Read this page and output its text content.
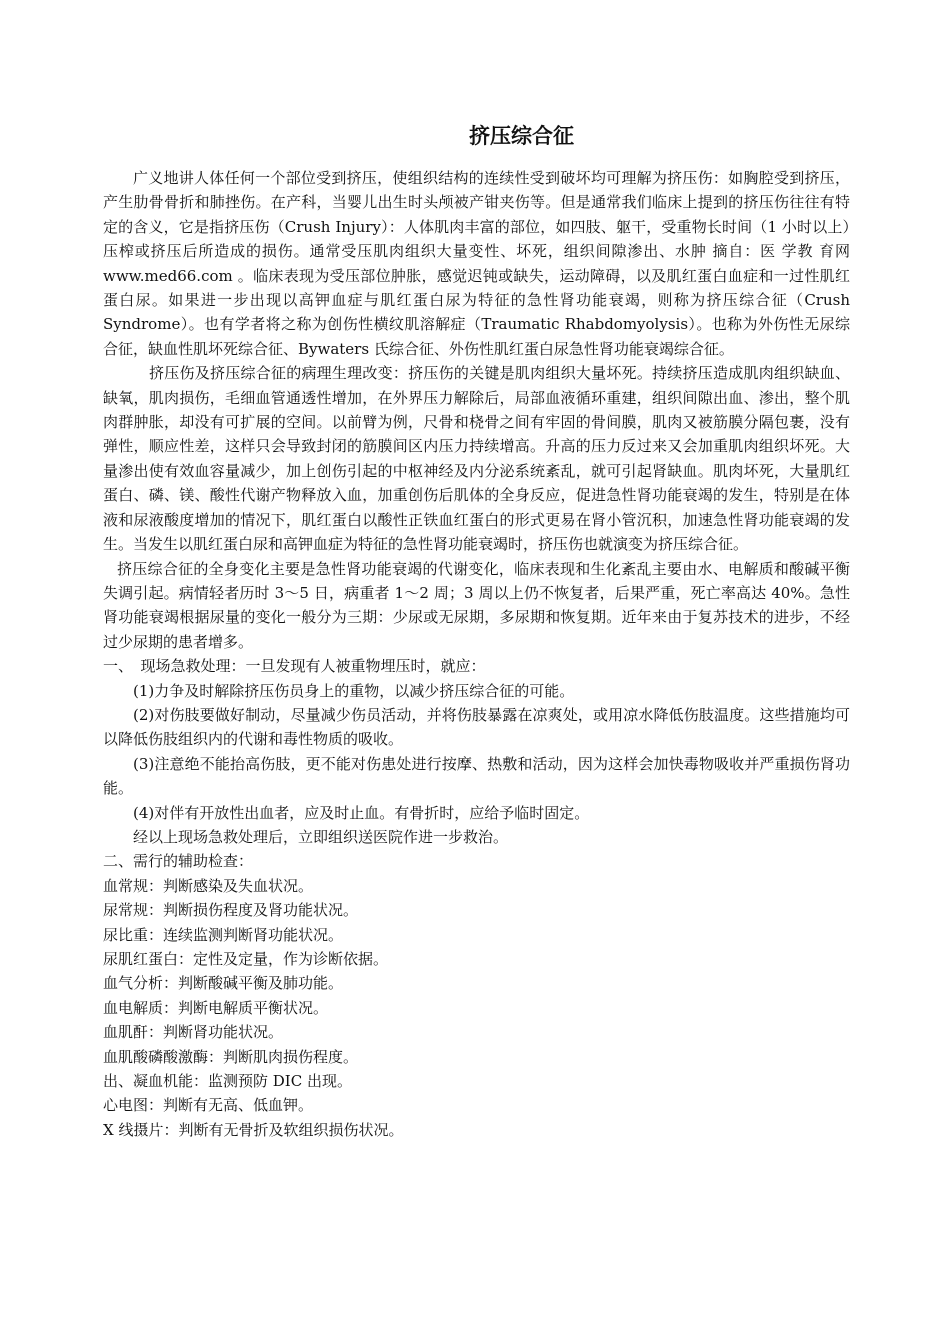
挤压综合征

广义地讲人体任何一个部位受到挤压，使组织结构的连续性受到破坏均可理解为挤压伤：如胸腔受到挤压，产生肋骨骨折和肺挫伤。在产科，当婴儿出生时头颅被产钳夹伤等。但是通常我们临床上提到的挤压伤往往有特定的含义，它是指挤压伤（Crush Injury）：人体肌肉丰富的部位，如四肢、躯干，受重物长时间（1 小时以上）压榨或挤压后所造成的损伤。通常受压肌肉组织大量变性、坏死，组织间隙渗出、水肿 摘自：医 学教 育网 www.med66.com 。临床表现为受压部位肿胀，感觉迟钝或缺失，运动障碍，以及肌红蛋白血症和一过性肌红蛋白尿。如果进一步出现以高钾血症与肌红蛋白尿为特征的急性肾功能衰竭，则称为挤压综合征（Crush Syndrome）。也有学者将之称为创伤性横纹肌溶解症（Traumatic Rhabdomyolysis）。也称为外伤性无尿综合征，缺血性肌坏死综合征、Bywaters 氏综合征、外伤性肌红蛋白尿急性肾功能衰竭综合征。

挤压伤及挤压综合征的病理生理改变：挤压伤的关键是肌肉组织大量坏死。持续挤压造成肌肉组织缺血、缺氧，肌肉损伤，毛细血管通透性增加，在外界压力解除后，局部血液循环重建，组织间隙出血、渗出，整个肌肉群肿胀，却没有可扩展的空间。以前臂为例，尺骨和桡骨之间有牢固的骨间膜，肌肉又被筋膜分隔包裹，没有弹性，顺应性差，这样只会导致封闭的筋膜间区内压力持续增高。升高的压力反过来又会加重肌肉组织坏死。大量渗出使有效血容量减少，加上创伤引起的中枢神经及内分泌系统紊乱，就可引起肾缺血。肌肉坏死，大量肌红蛋白、磷、镁、酸性代谢产物释放入血，加重创伤后肌体的全身反应，促进急性肾功能衰竭的发生，特别是在体液和尿液酸度增加的情况下，肌红蛋白以酸性正铁血红蛋白的形式更易在肾小管沉积，加速急性肾功能衰竭的发生。当发生以肌红蛋白尿和高钾血症为特征的急性肾功能衰竭时，挤压伤也就演变为挤压综合征。

挤压综合征的全身变化主要是急性肾功能衰竭的代谢变化，临床表现和生化紊乱主要由水、电解质和酸碱平衡失调引起。病情轻者历时 3～5 日，病重者 1～2 周；3 周以上仍不恢复者，后果严重，死亡率高达 40%。急性肾功能衰竭根据尿量的变化一般分为三期：少尿或无尿期，多尿期和恢复期。近年来由于复苏技术的进步，不经过少尿期的患者增多。

一、　现场急救处理：一旦发现有人被重物埋压时，就应：

(1)力争及时解除挤压伤员身上的重物，以减少挤压综合征的可能。

(2)对伤肢要做好制动，尽量减少伤员活动，并将伤肢暴露在凉爽处，或用凉水降低伤肢温度。这些措施均可以降低伤肢组织内的代谢和毒性物质的吸收。

(3)注意绝不能抬高伤肢，更不能对伤患处进行按摩、热敷和活动，因为这样会加快毒物吸收并严重损伤肾功能。

(4)对伴有开放性出血者，应及时止血。有骨折时，应给予临时固定。

经以上现场急救处理后，立即组织送医院作进一步救治。

二、需行的辅助检查：

血常规：判断感染及失血状况。

尿常规：判断损伤程度及肾功能状况。

尿比重：连续监测判断肾功能状况。

尿肌红蛋白：定性及定量，作为诊断依据。

血气分析：判断酸碱平衡及肺功能。

血电解质：判断电解质平衡状况。

血肌酐：判断肾功能状况。

血肌酸磷酸激酶：判断肌肉损伤程度。

出、凝血机能：监测预防 DIC 出现。

心电图：判断有无高、低血钾。

X 线摄片：判断有无骨折及软组织损伤状况。
